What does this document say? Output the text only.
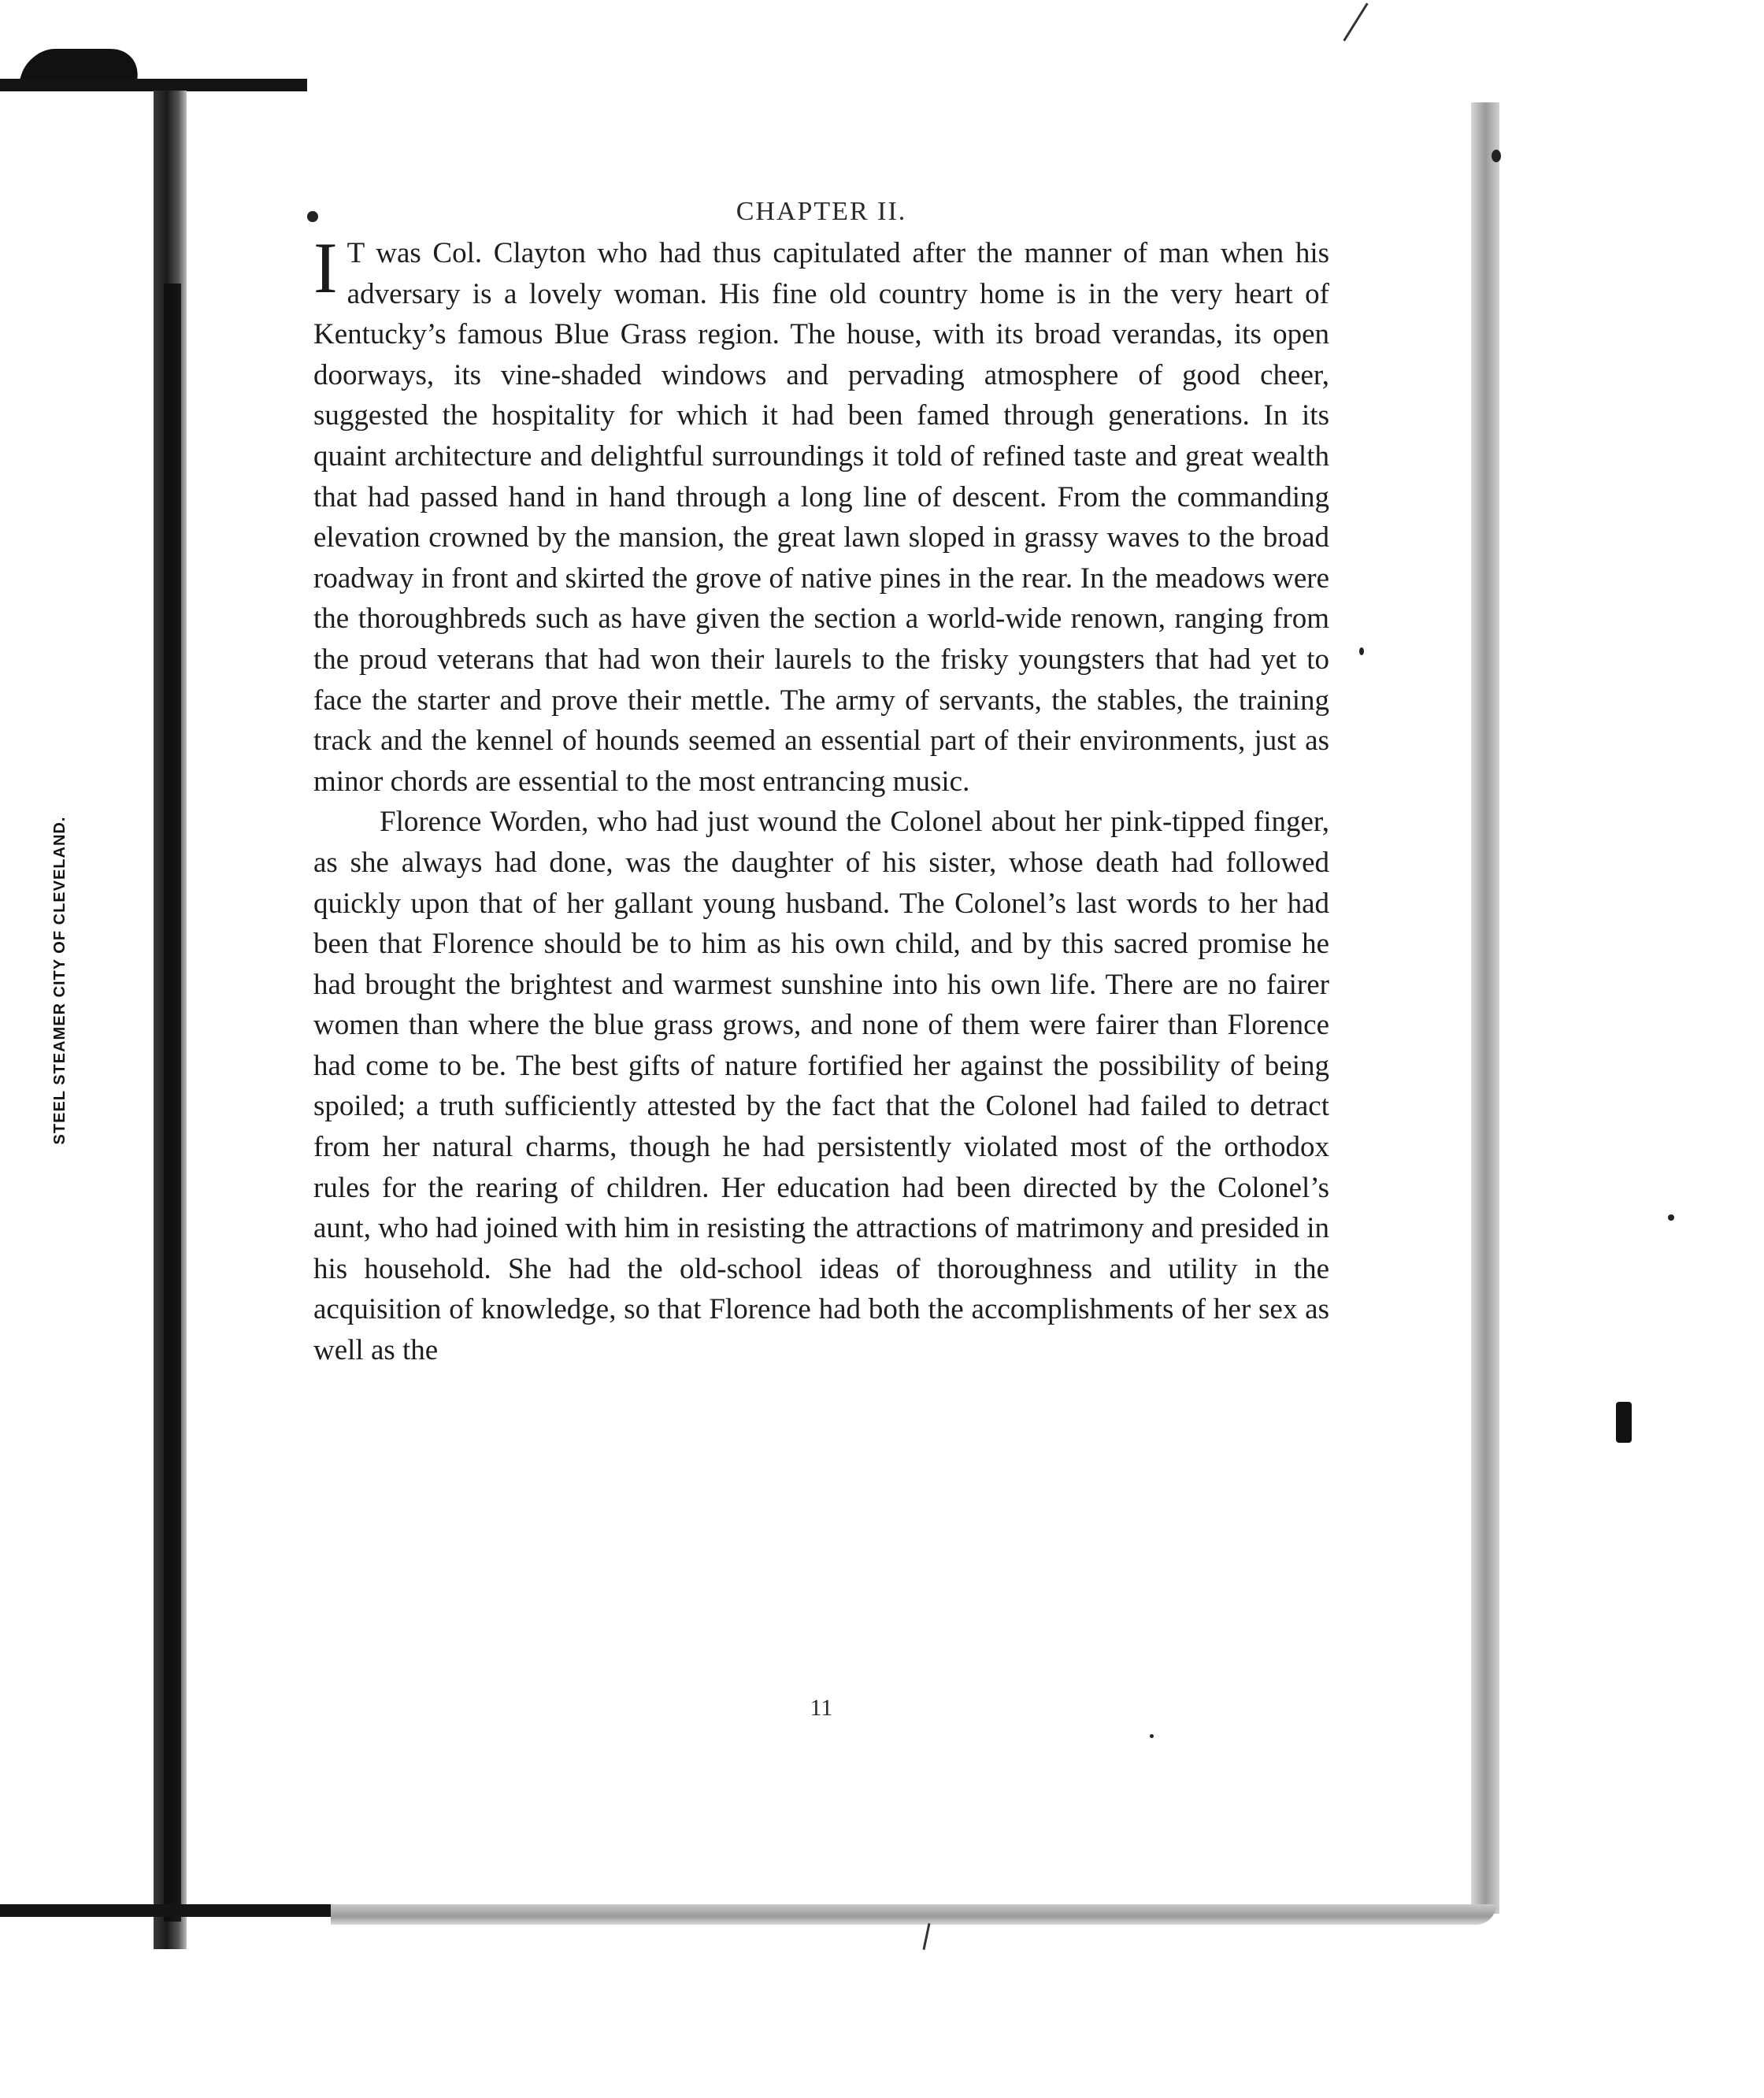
STEEL STEAMER CITY OF CLEVELAND.
CHAPTER II.

I T was Col. Clayton who had thus capitulated after the manner of man when his adversary is a lovely woman. His fine old country home is in the very heart of Kentucky’s famous Blue Grass region. The house, with its broad verandas, its open doorways, its vine-shaded windows and pervading atmosphere of good cheer, suggested the hospitality for which it had been famed through generations. In its quaint architecture and delightful surroundings it told of refined taste and great wealth that had passed hand in hand through a long line of descent. From the commanding elevation crowned by the mansion, the great lawn sloped in grassy waves to the broad roadway in front and skirted the grove of native pines in the rear. In the meadows were the thoroughbreds such as have given the section a world-wide renown, ranging from the proud veterans that had won their laurels to the frisky youngsters that had yet to face the starter and prove their mettle. The army of servants, the stables, the training track and the kennel of hounds seemed an essential part of their environments, just as minor chords are essential to the most entrancing music.

Florence Worden, who had just wound the Colonel about her pink-tipped finger, as she always had done, was the daughter of his sister, whose death had followed quickly upon that of her gallant young husband. The Colonel’s last words to her had been that Florence should be to him as his own child, and by this sacred promise he had brought the brightest and warmest sunshine into his own life. There are no fairer women than where the blue grass grows, and none of them were fairer than Florence had come to be. The best gifts of nature fortified her against the possibility of being spoiled; a truth sufficiently attested by the fact that the Colonel had failed to detract from her natural charms, though he had persistently violated most of the orthodox rules for the rearing of children. Her education had been directed by the Colonel’s aunt, who had joined with him in resisting the attractions of matrimony and presided in his household. She had the old-school ideas of thoroughness and utility in the acquisition of knowledge, so that Florence had both the accomplishments of her sex as well as the

11
